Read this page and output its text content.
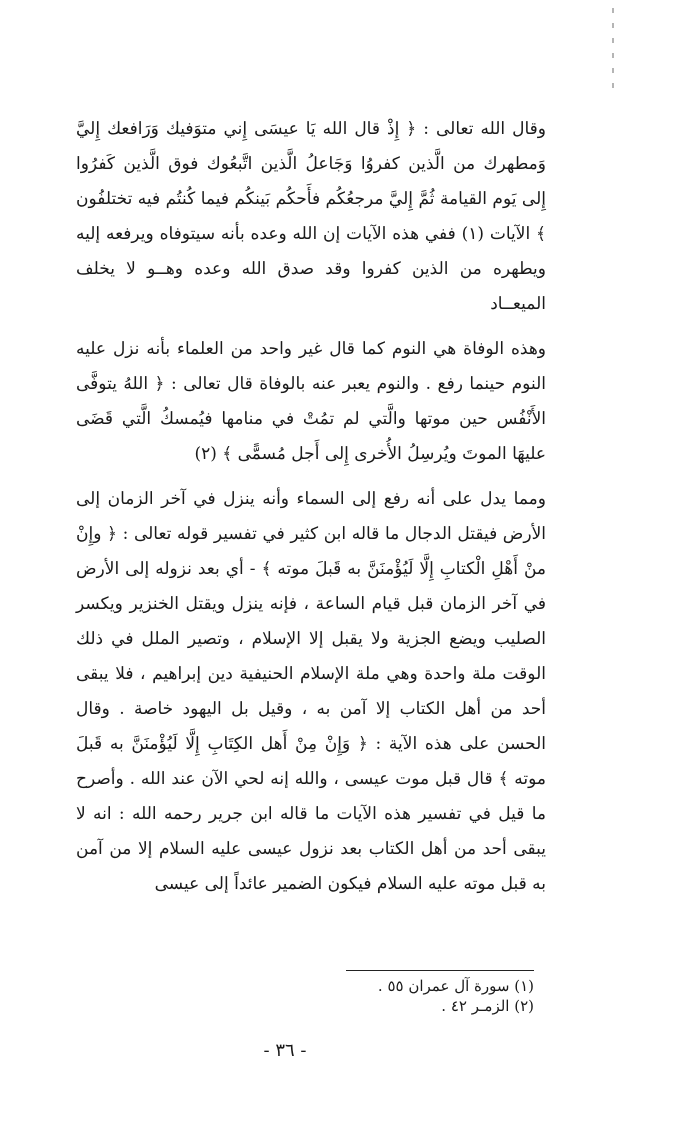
وقال الله تعالى : ﴿ إِذْ قال الله يَا عيسَى إِني متوَفيك وَرَافعك إِليَّ وَمطهرك من الَّذين كفروُا وَجَاعلُ الَّذين اتَّبعُوك فوق الَّذين كَفرُوا إِلى يَوم القيامة ثُمَّ إِليَّ مرجعُكُم فأَحكُم بَينكُم فيما كُنتُم فيه تختلفُون ﴾ الآيات (١) ففي هذه الآيات إن الله وعده بأنه سيتوفاه ويرفعه إليه ويطهره من الذين كفروا وقد صدق الله وعده وهــو لا يخلف الميعــاد

وهذه الوفاة هي النوم كما قال غير واحد من العلماء بأنه نزل عليه النوم حينما رفع . والنوم يعبر عنه بالوفاة قال تعالى : ﴿ اللهُ يتوفَّى الأَنْفُس حين موتها والَّتي لم تمُتْ في منامها فيُمسكُ الَّتي قَضَى عليهَا الموتَ ويُرسِلُ الأُخرى إِلى أَجل مُسمًّى ﴾ (٢)

ومما يدل على أنه رفع إلى السماء وأنه ينزل في آخر الزمان إلى الأرض فيقتل الدجال ما قاله ابن كثير في تفسير قوله تعالى : ﴿ وإِنْ منْ أَهْلِ الْكتابِ إِلَّا لَيُؤْمنَنَّ به قَبلَ موته ﴾ - أي بعد نزوله إلى الأرض في آخر الزمان قبل قيام الساعة ، فإنه ينزل ويقتل الخنزير ويكسر الصليب ويضع الجزية ولا يقبل إلا الإسلام ، وتصير الملل في ذلك الوقت ملة واحدة وهي ملة الإسلام الحنيفية دين إبراهيم ، فلا يبقى أحد من أهل الكتاب إلا آمن به ، وقيل بل اليهود خاصة . وقال الحسن على هذه الآية : ﴿ وَإِنْ مِنْ أَهل الكِتَابِ إِلَّا لَيُؤْمنَنَّ به قَبلَ موته ﴾ قال قبل موت عيسى ، والله إنه لحي الآن عند الله . وأصرح ما قيل في تفسير هذه الآيات ما قاله ابن جرير رحمه الله : انه لا يبقى أحد من أهل الكتاب بعد نزول عيسى عليه السلام إلا من آمن به قبل موته عليه السلام فيكون الضمير عائداً إلى عيسى

(١) سورة آل عمران ٥٥ .
(٢) الزمـر ٤٢ .
- ٣٦ -
